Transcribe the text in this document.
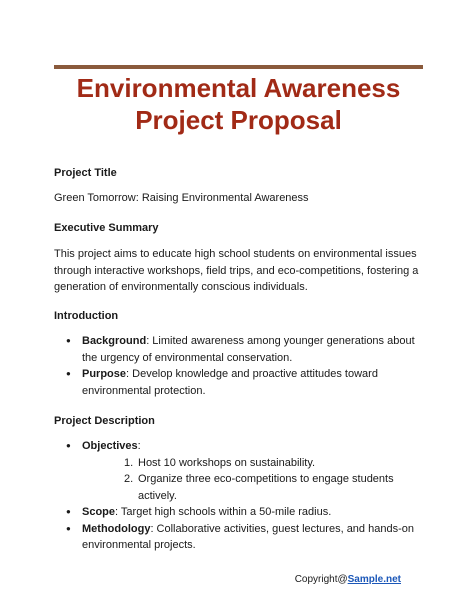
Environmental Awareness
Project Proposal
Project Title

Green Tomorrow: Raising Environmental Awareness

Executive Summary

This project aims to educate high school students on environmental issues through interactive workshops, field trips, and eco-competitions, fostering a generation of environmentally conscious individuals.

Introduction
● Background: Limited awareness among younger generations about the urgency of environmental conservation.
● Purpose: Develop knowledge and proactive attitudes toward environmental protection.
Project Description
● Objectives:
1. Host 10 workshops on sustainability.
2. Organize three eco-competitions to engage students actively.
● Scope: Target high schools within a 50-mile radius.
● Methodology: Collaborative activities, guest lectures, and hands-on environmental projects.
Copyright@Sample.net
